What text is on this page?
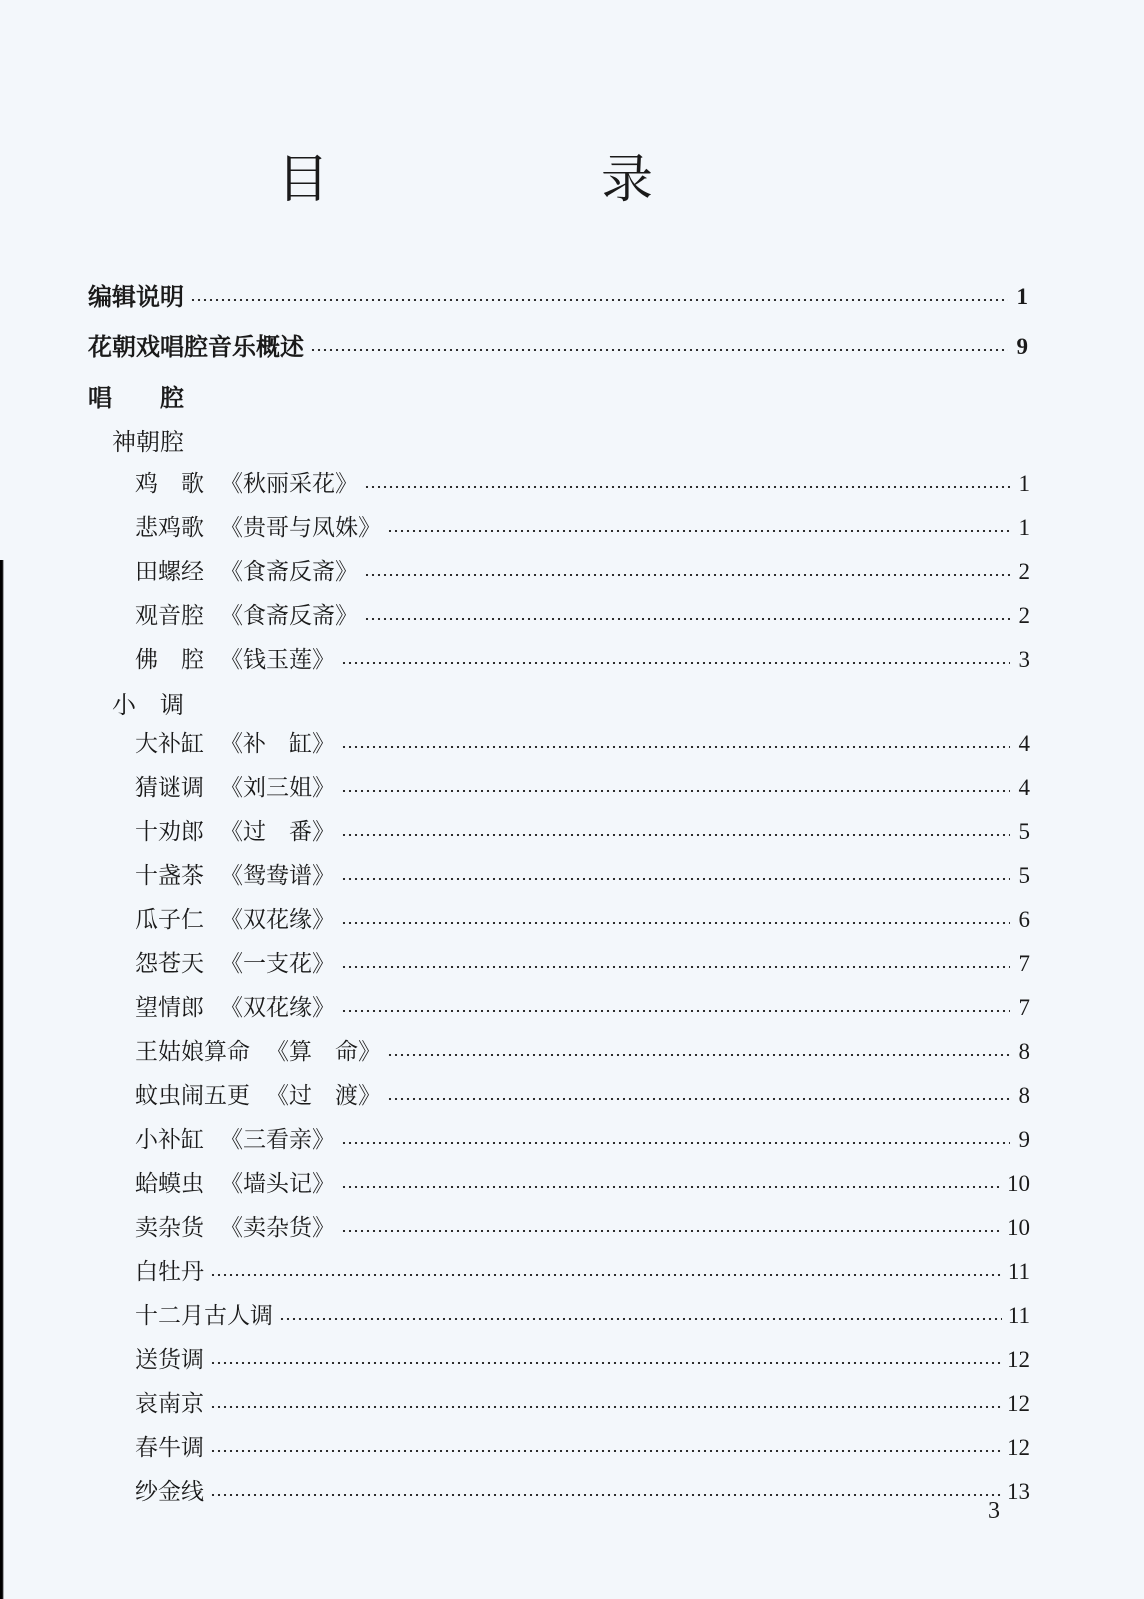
目　录
编辑说明	1
花朝戏唱腔音乐概述	9
唱　　腔
神朝腔
鸡　歌 《秋丽采花》	1
悲鸡歌 《贵哥与凤姝》	1
田螺经 《食斋反斋》	2
观音腔 《食斋反斋》	2
佛　腔 《钱玉莲》	3
小　调
大补缸 《补　缸》	4
猜谜调 《刘三姐》	4
十劝郎 《过　番》	5
十盏茶 《鸳鸯谱》	5
瓜子仁 《双花缘》	6
怨苍天 《一支花》	7
望情郎 《双花缘》	7
王姑娘算命 《算　命》	8
蚊虫闹五更 《过　渡》	8
小补缸 《三看亲》	9
蛤蟆虫 《墙头记》	10
卖杂货 《卖杂货》	10
白牡丹	11
十二月古人调	11
送货调	12
哀南京	12
春牛调	12
纱金线	13
3
